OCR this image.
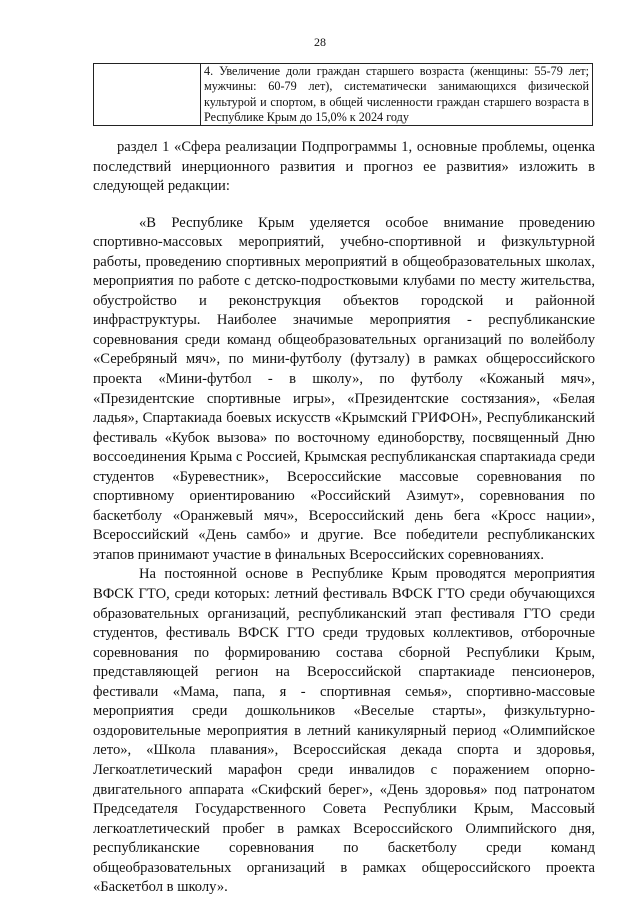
28
	4. Увеличение доли граждан старшего возраста (женщины: 55-79 лет; мужчины: 60-79 лет), систематически занимающихся физической культурой и спортом, в общей численности граждан старшего возраста в Республике Крым до 15,0% к 2024 году

раздел 1 «Сфера реализации Подпрограммы 1, основные проблемы, оценка последствий инерционного развития и прогноз ее развития» изложить в следующей редакции:

«В Республике Крым уделяется особое внимание проведению спортивно-массовых мероприятий, учебно-спортивной и физкультурной работы, проведению спортивных мероприятий в общеобразовательных школах, мероприятия по работе с детско-подростковыми клубами по месту жительства, обустройство и реконструкция объектов городской и районной инфраструктуры. Наиболее значимые мероприятия - республиканские соревнования среди команд общеобразовательных организаций по волейболу «Серебряный мяч», по мини-футболу (футзалу) в рамках общероссийского проекта «Мини-футбол - в школу», по футболу «Кожаный мяч», «Президентские спортивные игры», «Президентские состязания», «Белая ладья», Спартакиада боевых искусств «Крымский ГРИФОН», Республиканский фестиваль «Кубок вызова» по восточному единоборству, посвященный Дню воссоединения Крыма с Россией, Крымская республиканская спартакиада среди студентов «Буревестник», Всероссийские массовые соревнования по спортивному ориентированию «Российский Азимут», соревнования по баскетболу «Оранжевый мяч», Всероссийский день бега «Кросс нации», Всероссийский «День самбо» и другие. Все победители республиканских этапов принимают участие в финальных Всероссийских соревнованиях.

На постоянной основе в Республике Крым проводятся мероприятия ВФСК ГТО, среди которых: летний фестиваль ВФСК ГТО среди обучающихся образовательных организаций, республиканский этап фестиваля ГТО среди студентов, фестиваль ВФСК ГТО среди трудовых коллективов, отборочные соревнования по формированию состава сборной Республики Крым, представляющей регион на Всероссийской спартакиаде пенсионеров, фестивали «Мама, папа, я - спортивная семья», спортивно-массовые мероприятия среди дошкольников «Веселые старты», физкультурно-оздоровительные мероприятия в летний каникулярный период «Олимпийское лето», «Школа плавания», Всероссийская декада спорта и здоровья, Легкоатлетический марафон среди инвалидов с поражением опорно-двигательного аппарата «Скифский берег», «День здоровья» под патронатом Председателя Государственного Совета Республики Крым, Массовый легкоатлетический пробег в рамках Всероссийского Олимпийского дня, республиканские соревнования по баскетболу среди команд общеобразовательных организаций в рамках общероссийского проекта «Баскетбол в школу».
